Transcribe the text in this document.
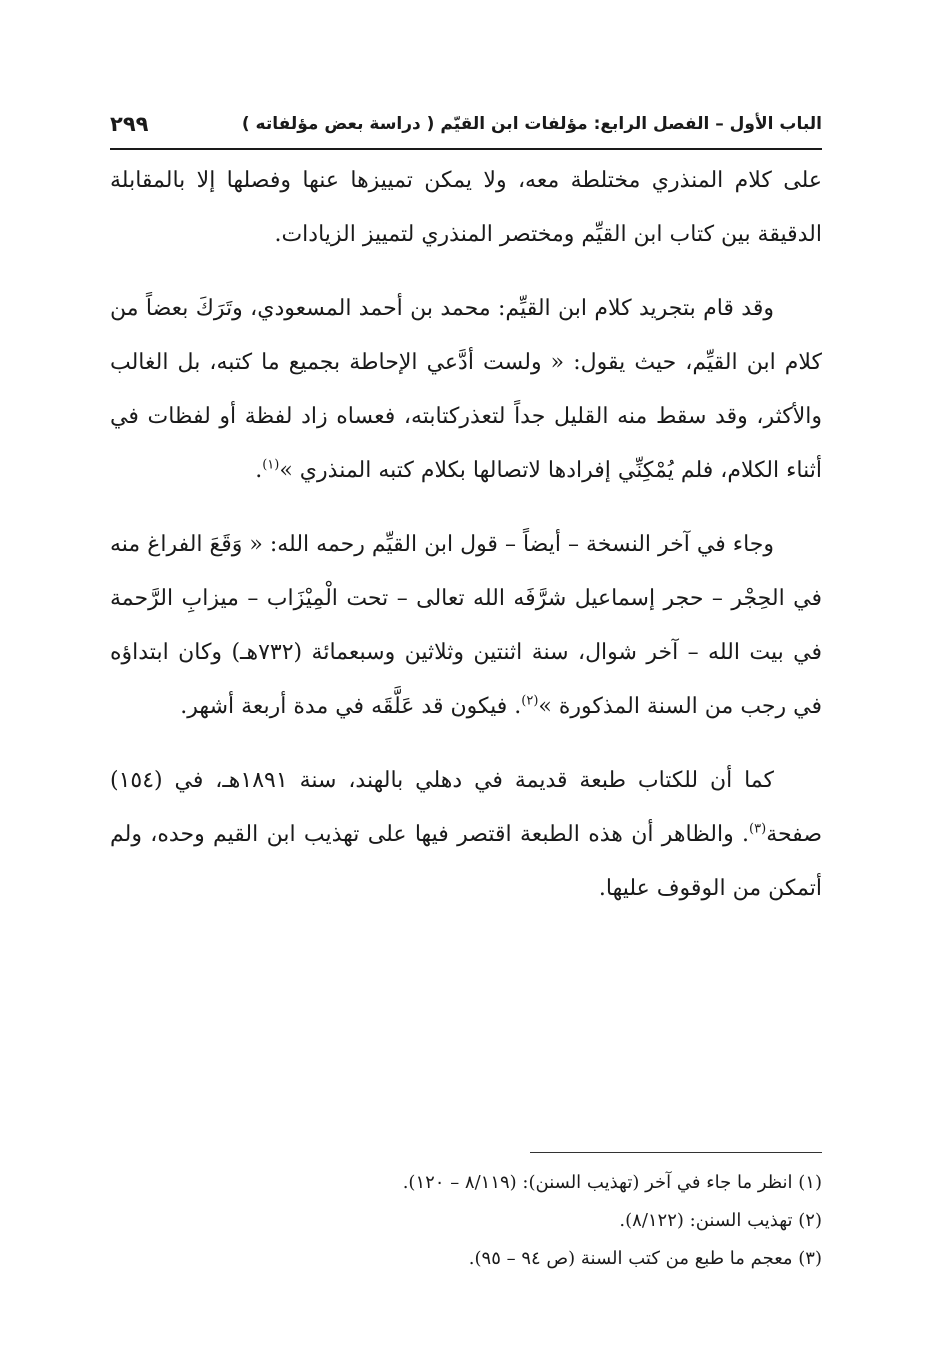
الباب الأول – الفصل الرابع: مؤلفات ابن القيّم ( دراسة بعض مؤلفاته )
٢٩٩

على كلام المنذري مختلطة معه، ولا يمكن تمييزها عنها وفصلها إلا بالمقابلة الدقيقة بين كتاب ابن القيِّم ومختصر المنذري لتمييز الزيادات.

وقد قام بتجريد كلام ابن القيِّم: محمد بن أحمد المسعودي، وتَرَكَ بعضاً من كلام ابن القيِّم، حيث يقول: « ولست أدَّعي الإحاطة بجميع ما كتبه، بل الغالب والأكثر، وقد سقط منه القليل جداً لتعذركتابته، فعساه زاد لفظة أو لفظات في أثناء الكلام، فلم يُمْكِنِّي إفرادها لاتصالها بكلام كتبه المنذري »$^{(١)}$.

وجاء في آخر النسخة – أيضاً – قول ابن القيِّم رحمه الله: « وَقَعَ الفراغ منه في الحِجْر – حجر إسماعيل شرَّفَه الله تعالى – تحت الْمِيْزَاب – ميزابِ الرَّحمة في بيت الله – آخر شوال، سنة اثنتين وثلاثين وسبعمائة (٧٣٢هـ) وكان ابتداؤه في رجب من السنة المذكورة »$^{(٢)}$. فيكون قد عَلَّقَه في مدة أربعة أشهر.

كما أن للكتاب طبعة قديمة في دهلي بالهند، سنة ١٨٩١هـ، في (١٥٤) صفحة$^{(٣)}$. والظاهر أن هذه الطبعة اقتصر فيها على تهذيب ابن القيم وحده، ولم أتمكن من الوقوف عليها.

(١) انظر ما جاء في آخر (تهذيب السنن): (٨/١١٩ – ١٢٠).

(٢) تهذيب السنن: (٨/١٢٢).

(٣) معجم ما طبع من كتب السنة (ص ٩٤ – ٩٥).
